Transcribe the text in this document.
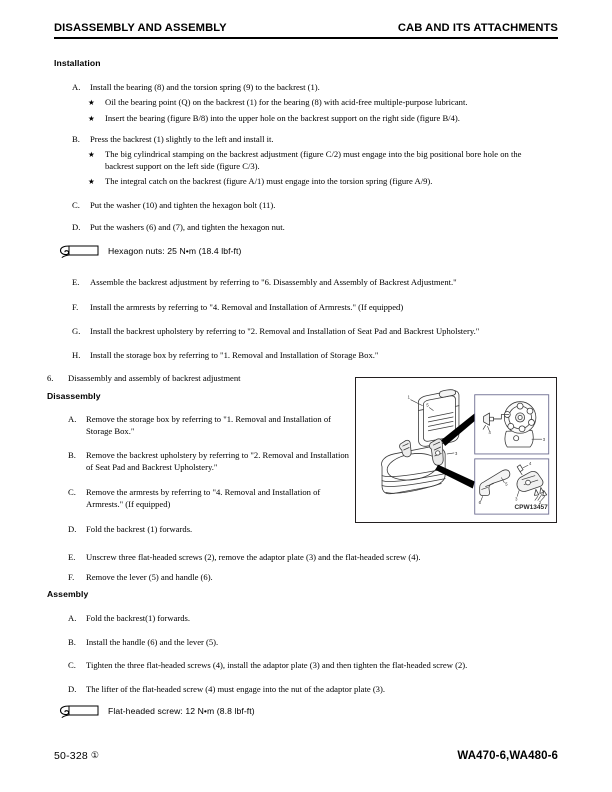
DISASSEMBLY AND ASSEMBLY	CAB AND ITS ATTACHMENTS
Installation
A.	Install the bearing (8) and the torsion spring (9) to the backrest (1).
★	Oil the bearing point (Q) on the backrest (1) for the bearing (8) with acid-free multiple-purpose lubricant.
★	Insert the bearing (figure B/8) into the upper hole on the backrest support on the right side (figure B/4).
B.	Press the backrest (1) slightly to the left and install it.
★	The big cylindrical stamping on the backrest adjustment (figure C/2) must engage into the big positional bore hole on the backrest support on the left side (figure C/3).
★	The integral catch on the backrest (figure A/1) must engage into the torsion spring (figure A/9).
C.	Put the washer (10) and tighten the hexagon bolt (11).
D.	Put the washers (6) and (7), and tighten the hexagon nut.
Hexagon nuts: 25 N•m (18.4 lbf-ft)
E.	Assemble the backrest adjustment by referring to "6. Disassembly and Assembly of Backrest Adjustment."
F.	Install the armrests by referring to "4. Removal and Installation of Armrests." (If equipped)
G.	Install the backrest upholstery by referring to "2. Removal and Installation of Seat Pad and Backrest Upholstery."
H.	Install the storage box by referring to "1. Removal and Installation of Storage Box."
6.	Disassembly and assembly of backrest adjustment
Disassembly
A.	Remove the storage box by referring to "1. Removal and Installation of Storage Box."
B.	Remove the backrest upholstery by referring to "2. Removal and Installation of Seat Pad and Backrest Upholstery."
C.	Remove the armrests by referring to "4. Removal and Installation of Armrests." (If equipped)
D.	Fold the backrest (1) forwards.
E.	Unscrew three flat-headed screws (2), remove the adaptor plate (3) and the flat-headed screw (4).
F.	Remove the lever (5) and handle (6).
Assembly
A.	Fold the backrest(1) forwards.
B.	Install the handle (6) and the lever (5).
C.	Tighten the three flat-headed screws (4), install the adaptor plate (3) and then tighten the flat-headed screw (2).
D.	The lifter of the flat-headed screw (4) must engage into the nut of the adaptor plate (3).
Flat-headed screw: 12 N•m (8.8 lbf-ft)
1
5
3
4
3
5
6
4
3
2
CPW13457
50-328 ①	WA470-6,WA480-6
